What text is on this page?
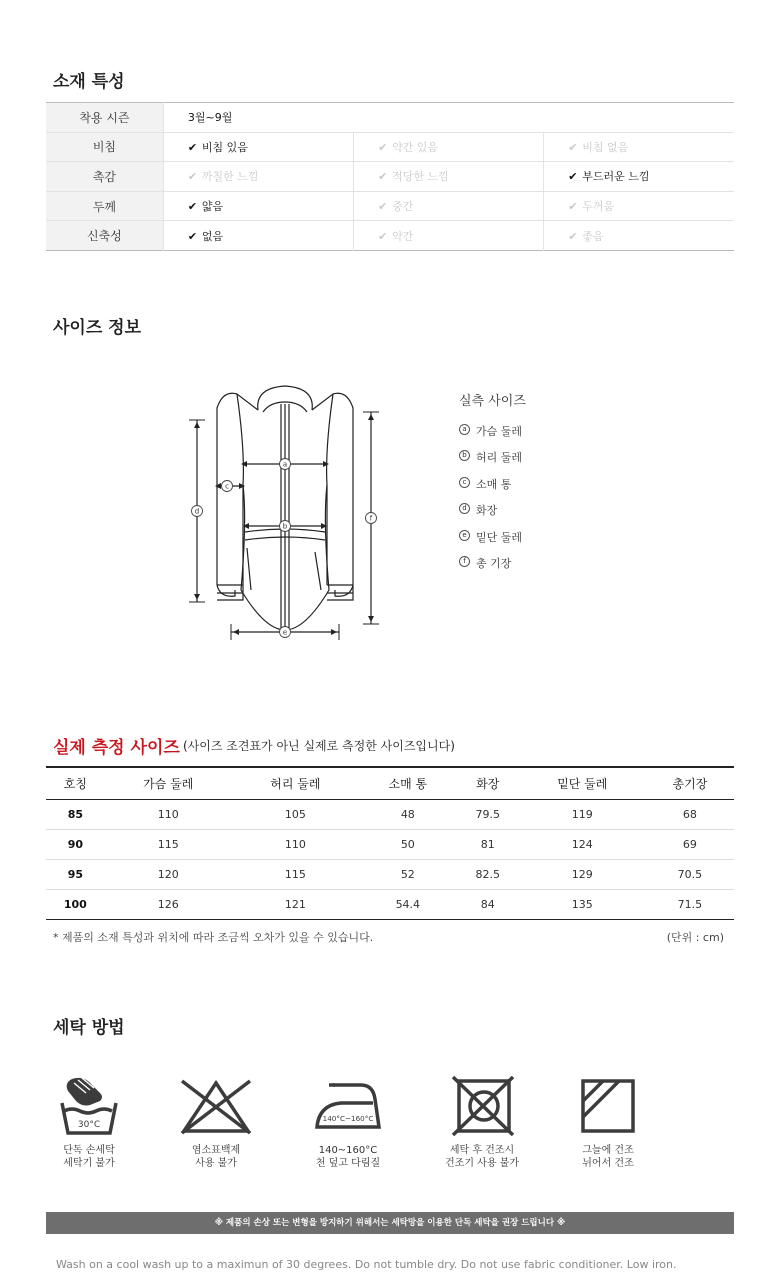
소재 특성
착용 시즌	3월~9월		
비침	✔ 비침 있음	✔ 약간 있음	✔ 비침 없음
촉감	✔ 까칠한 느낌	✔ 적당한 느낌	✔ 부드러운 느낌
두께	✔ 얇음	✔ 중간	✔ 두꺼움
신축성	✔ 없음	✔ 약간	✔ 좋음
사이즈 정보
a
b
c
d
e
f
실측 사이즈
a 가슴 둘레
b 허리 둘레
c 소매 통
d 화장
e 밑단 둘레
f 총 기장
실제 측정 사이즈 (사이즈 조견표가 아닌 실제로 측정한 사이즈입니다)
호칭	가슴 둘레	허리 둘레	소매 통	화장	밑단 둘레	총기장
85	110	105	48	79.5	119	68
90	115	110	50	81	124	69
95	120	115	52	82.5	129	70.5
100	126	121	54.4	84	135	71.5
* 제품의 소재 특성과 위치에 따라 조금씩 오차가 있을 수 있습니다.	(단위 : cm)
세탁 방법
30°C
단독 손세탁
세탁기 불가
염소표백제
사용 불가
140°C~160°C
140~160°C
천 덮고 다림질
세탁 후 건조시
건조기 사용 불가
그늘에 건조
뉘어서 건조
※ 제품의 손상 또는 변형을 방지하기 위해서는 세탁망을 이용한 단독 세탁을 권장 드립니다 ※
Wash on a cool wash up to a maximun of 30 degrees. Do not tumble dry. Do not use fabric conditioner. Low iron.
